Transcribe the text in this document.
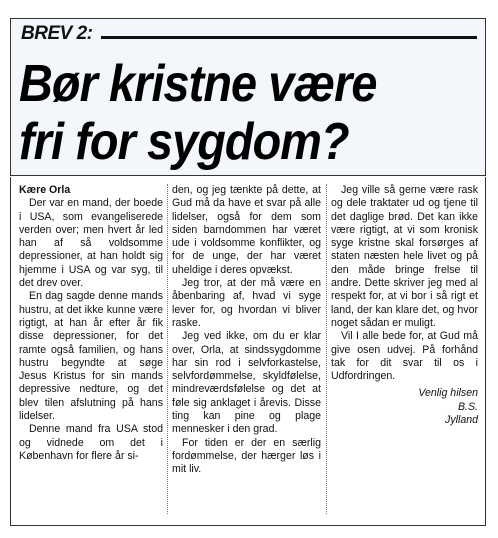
BREV 2:
Bør kristne være
fri for sygdom?

Kære Orla

Der var en mand, der boede i USA, som evangeliserede verden over; men hvert år led han af så voldsomme depressioner, at han holdt sig hjemme i USA og var syg, til det drev over.

En dag sagde denne mands hustru, at det ikke kunne være rigtigt, at han år efter år fik disse depressioner, for det ramte også familien, og hans hustru begyndte at søge Jesus Kristus for sin mands depressive nedture, og det blev tilen afslutning på hans lidelser.

Denne mand fra USA stod og vidnede om det i København for flere år si-

den, og jeg tænkte på dette, at Gud må da have et svar på alle lidelser, også for dem som siden barndommen har været ude i voldsomme konflikter, og for de unge, der har været uheldige i deres opvækst.

Jeg tror, at der må være en åbenbaring af, hvad vi syge lever for, og hvordan vi bliver raske.

Jeg ved ikke, om du er klar over, Orla, at sindssygdomme har sin rod i selvforkastelse, selvfordømmelse, skyldfølelse, mindreværdsfølelse og det at føle sig anklaget i årevis. Disse ting kan pine og plage mennesker i den grad.

For tiden er der en særlig fordømmelse, der hærger løs i mit liv.

Jeg ville så gerne være rask og dele traktater ud og tjene til det daglige brød. Det kan ikke være rigtigt, at vi som kronisk syge kristne skal forsørges af staten næsten hele livet og på den måde bringe frelse til andre. Dette skriver jeg med al respekt for, at vi bor i så rigt et land, der kan klare det, og hvor noget sådan er muligt.

Vil I alle bede for, at Gud må give osen udvej. På forhånd tak for dit svar til os i Udfordringen.

Venlig hilsen
B.S.
Jylland
